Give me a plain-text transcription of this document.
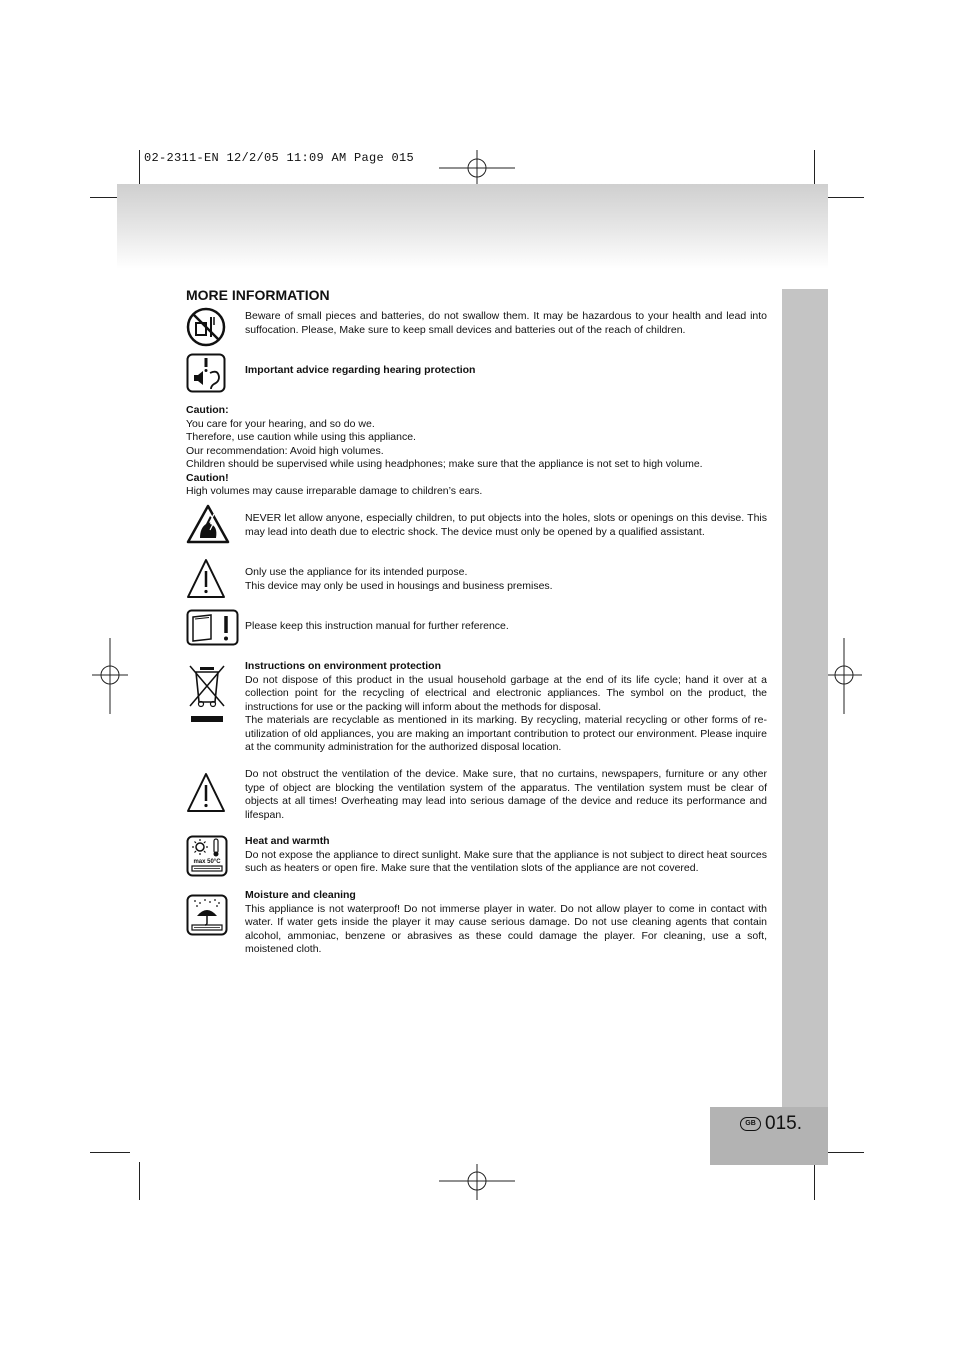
02-2311-EN 12/2/05 11:09 AM Page 015
GB 015.
MORE INFORMATION
Beware of small pieces and batteries, do not swallow them. It may be hazardous to your health and lead into suffocation. Please, Make sure to keep small devices and batteries out of the reach of children.
Important advice regarding hearing protection

Caution:

You care for your hearing, and so do we.

Therefore, use caution while using this appliance.

Our recommendation: Avoid high volumes.

Children should be supervised while using headphones; make sure that the appliance is not set to high volume.

Caution!

High volumes may cause irreparable damage to children’s ears.

NEVER let allow anyone, especially children, to put objects into the holes, slots or openings on this devise. This may lead into death due to electric shock. The device must only be opened by a qualified assistant.

Only use the appliance for its intended purpose.

This device may only be used in housings and business premises.

Please keep this instruction manual for further reference.

Instructions on environment protection

Do not dispose of this product in the usual household garbage at the end of its life cycle; hand it over at a collection point for the recycling of electrical and electronic appliances. The symbol on the product, the instructions for use or the packing will inform about the methods for disposal.

The materials are recyclable as mentioned in its marking. By recycling, material recycling or other forms of re-utilization of old appliances, you are making an important contribution to protect our environment. Please inquire at the community administration for the authorized disposal location.

Do not obstruct the ventilation of the device. Make sure, that no curtains, newspapers, furniture or any other type of object are blocking the ventilation system of the apparatus. The ventilation system must be clear of objects at all times! Overheating may lead into serious damage of the device and reduce its performance and lifespan.
max 50°C

Heat and warmth

Do not expose the appliance to direct sunlight. Make sure that the appliance is not subject to direct heat sources such as heaters or open fire. Make sure that the ventilation slots of the appliance are not covered.

Moisture and cleaning

This appliance is not waterproof! Do not immerse player in water. Do not allow player to come in contact with water. If water gets inside the player it may cause serious damage. Do not use cleaning agents that contain alcohol, ammoniac, benzene or abrasives as these could damage the player. For cleaning, use a soft, moistened cloth.
